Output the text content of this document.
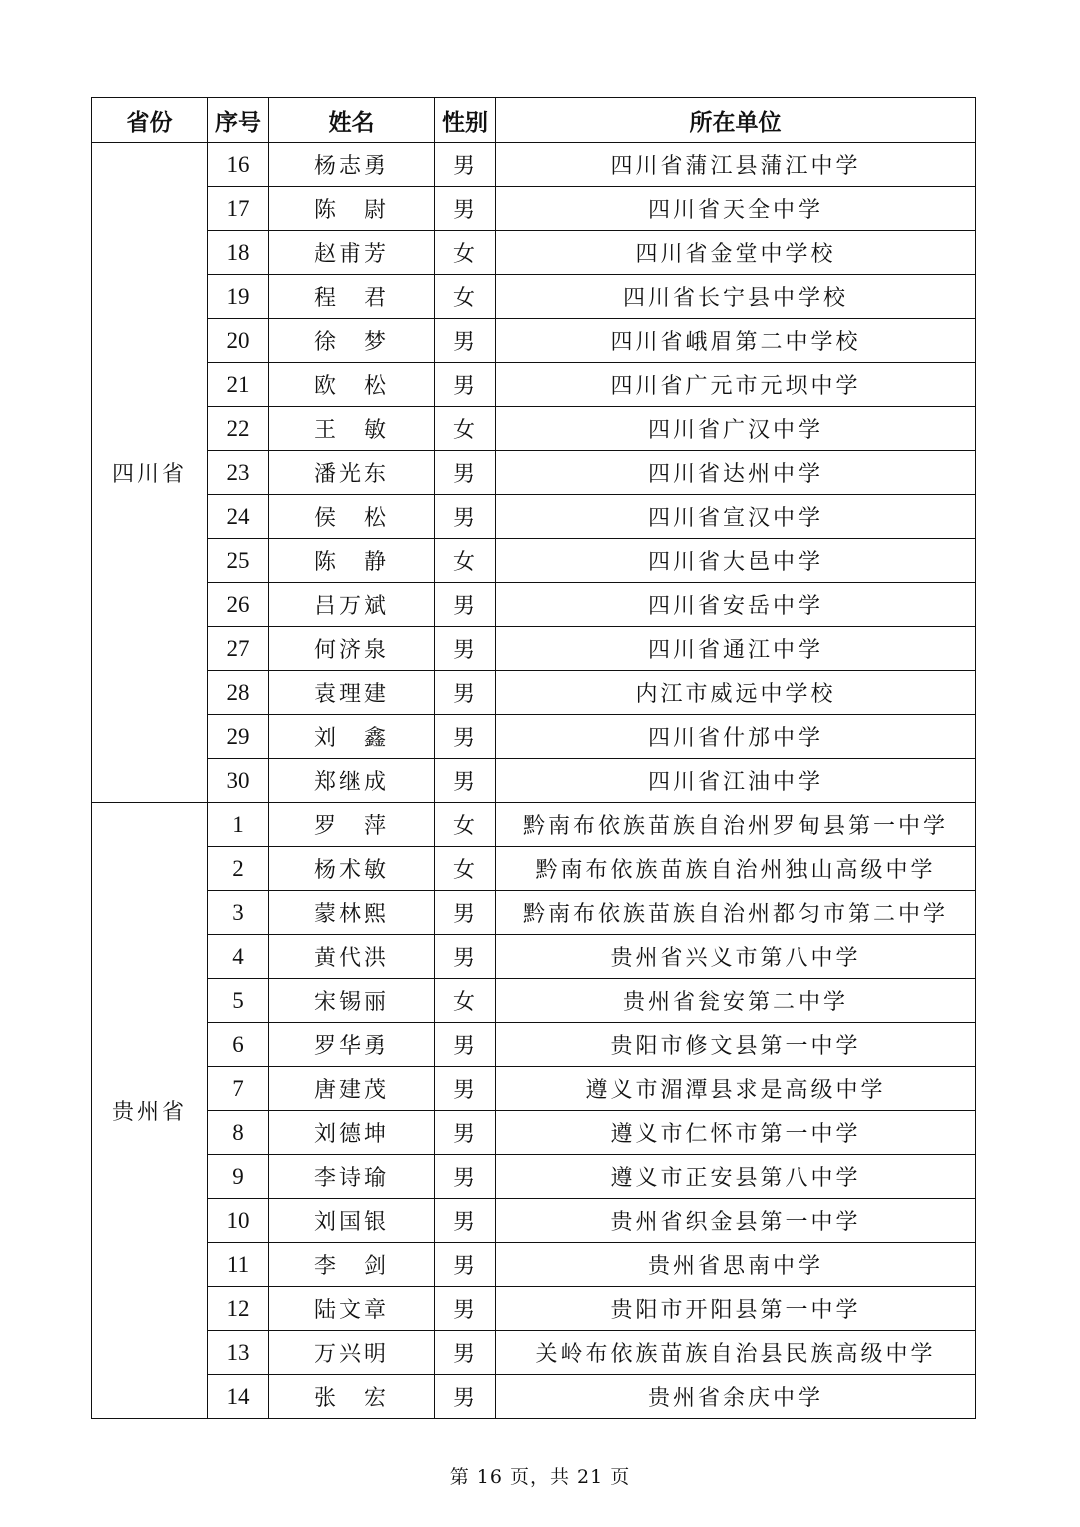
省份	序号	姓名	性别	所在单位
四川省	16	杨志勇	男	四川省蒲江县蒲江中学
	17	陈　尉	男	四川省天全中学
	18	赵甫芳	女	四川省金堂中学校
	19	程　君	女	四川省长宁县中学校
	20	徐　梦	男	四川省峨眉第二中学校
	21	欧　松	男	四川省广元市元坝中学
	22	王　敏	女	四川省广汉中学
	23	潘光东	男	四川省达州中学
	24	侯　松	男	四川省宣汉中学
	25	陈　静	女	四川省大邑中学
	26	吕万斌	男	四川省安岳中学
	27	何济泉	男	四川省通江中学
	28	袁理建	男	内江市威远中学校
	29	刘　鑫	男	四川省什邡中学
	30	郑继成	男	四川省江油中学
贵州省	1	罗　萍	女	黔南布依族苗族自治州罗甸县第一中学
	2	杨术敏	女	黔南布依族苗族自治州独山高级中学
	3	蒙林熙	男	黔南布依族苗族自治州都匀市第二中学
	4	黄代洪	男	贵州省兴义市第八中学
	5	宋锡丽	女	贵州省瓮安第二中学
	6	罗华勇	男	贵阳市修文县第一中学
	7	唐建茂	男	遵义市湄潭县求是高级中学
	8	刘德坤	男	遵义市仁怀市第一中学
	9	李诗瑜	男	遵义市正安县第八中学
	10	刘国银	男	贵州省织金县第一中学
	11	李　剑	男	贵州省思南中学
	12	陆文章	男	贵阳市开阳县第一中学
	13	万兴明	男	关岭布依族苗族自治县民族高级中学
	14	张　宏	男	贵州省余庆中学
第 16 页，共 21 页
